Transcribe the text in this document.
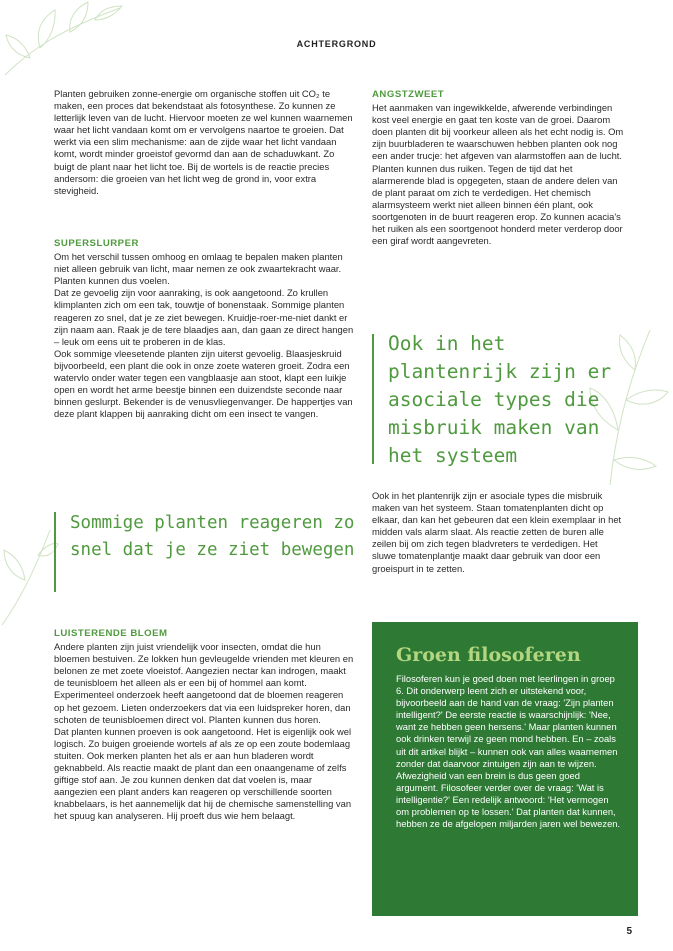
ACHTERGROND

Planten gebruiken zonne-energie om organische stoffen uit CO₂ te maken, een proces dat bekendstaat als fotosynthese. Zo kunnen ze letterlijk leven van de lucht. Hiervoor moeten ze wel kunnen waarnemen waar het licht vandaan komt om er vervolgens naartoe te groeien. Dat werkt via een slim mechanisme: aan de zijde waar het licht vandaan komt, wordt minder groeistof gevormd dan aan de schaduwkant. Zo buigt de plant naar het licht toe. Bij de wortels is de reactie precies andersom: die groeien van het licht weg de grond in, voor extra stevigheid.

SUPERSLURPER

Om het verschil tussen omhoog en omlaag te bepalen maken planten niet alleen gebruik van licht, maar nemen ze ook zwaartekracht waar. Planten kunnen dus voelen.

Dat ze gevoelig zijn voor aanraking, is ook aangetoond. Zo krullen klimplanten zich om een tak, touwtje of bonenstaak. Sommige planten reageren zo snel, dat je ze ziet bewegen. Kruidje-roer-me-niet dankt er zijn naam aan. Raak je de tere blaadjes aan, dan gaan ze direct hangen – leuk om eens uit te proberen in de klas.

Ook sommige vleesetende planten zijn uiterst gevoelig. Blaasjeskruid bijvoorbeeld, een plant die ook in onze zoete wateren groeit. Zodra een watervlo onder water tegen een vangblaasje aan stoot, klapt een luikje open en wordt het arme beestje binnen een duizendste seconde naar binnen geslurpt. Bekender is de venusvliegenvanger. De happertjes van deze plant klappen bij aanraking dicht om een insect te vangen.

Sommige planten reageren zo snel dat je ze ziet bewegen
LUISTERENDE BLOEM

Andere planten zijn juist vriendelijk voor insecten, omdat die hun bloemen bestuiven. Ze lokken hun gevleugelde vrienden met kleuren en belonen ze met zoete vloeistof. Aangezien nectar kan indrogen, maakt de teunisbloem het alleen als er een bij of hommel aan komt. Experimenteel onderzoek heeft aangetoond dat de bloemen reageren op het gezoem. Lieten onderzoekers dat via een luidspreker horen, dan schoten de teunisbloemen direct vol. Planten kunnen dus horen.

Dat planten kunnen proeven is ook aangetoond. Het is eigenlijk ook wel logisch. Zo buigen groeiende wortels af als ze op een zoute bodemlaag stuiten. Ook merken planten het als er aan hun bladeren wordt geknabbeld. Als reactie maakt de plant dan een onaangename of zelfs giftige stof aan. Je zou kunnen denken dat dat voelen is, maar aangezien een plant anders kan reageren op verschillende soorten knabbelaars, is het aannemelijk dat hij de chemische samenstelling van het spuug kan analyseren. Hij proeft dus wie hem belaagt.

ANGSTZWEET

Het aanmaken van ingewikkelde, afwerende verbindingen kost veel energie en gaat ten koste van de groei. Daarom doen planten dit bij voorkeur alleen als het echt nodig is. Om zijn buurbladeren te waarschuwen hebben planten ook nog een ander trucje: het afgeven van alarmstoffen aan de lucht. Planten kunnen dus ruiken. Tegen de tijd dat het alarmerende blad is opgegeten, staan de andere delen van de plant paraat om zich te verdedigen. Het chemisch alarmsysteem werkt niet alleen binnen één plant, ook soortgenoten in de buurt reageren erop. Zo kunnen acacia's het ruiken als een soortgenoot honderd meter verderop door een giraf wordt aangevreten.

Ook in het plantenrijk zijn er asociale types die misbruik maken van het systeem

Ook in het plantenrijk zijn er asociale types die misbruik maken van het systeem. Staan tomatenplanten dicht op elkaar, dan kan het gebeuren dat een klein exemplaar in het midden vals alarm slaat. Als reactie zetten de buren alle zeilen bij om zich tegen bladvreters te verdedigen. Het sluwe tomatenplantje maakt daar gebruik van door een groeispurt in te zetten.

Groen filosoferen
Filosoferen kun je goed doen met leerlingen in groep 6. Dit onderwerp leent zich er uitstekend voor, bijvoorbeeld aan de hand van de vraag: 'Zijn planten intelligent?' De eerste reactie is waarschijnlijk: 'Nee, want ze hebben geen hersens.' Maar planten kunnen ook drinken terwijl ze geen mond hebben. En – zoals uit dit artikel blijkt – kunnen ook van alles waarnemen zonder dat daarvoor zintuigen zijn aan te wijzen. Afwezigheid van een brein is dus geen goed argument. Filosofeer verder over de vraag: 'Wat is intelligentie?' Een redelijk antwoord: 'Het vermogen om problemen op te lossen.' Dat planten dat kunnen, hebben ze de afgelopen miljarden jaren wel bewezen.
5
